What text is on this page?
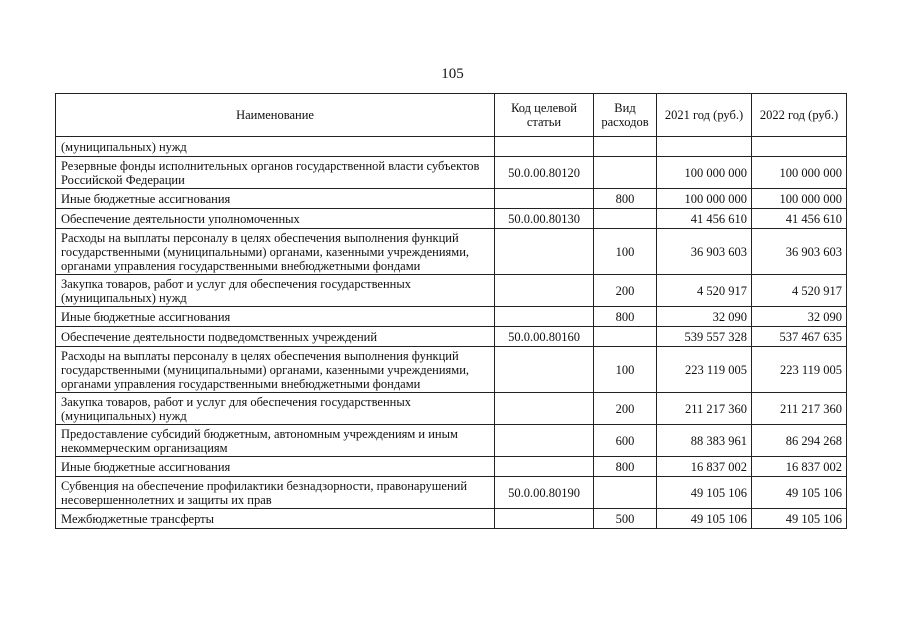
105
Наименование	Код целевой статьи	Вид расходов	2021 год (руб.)	2022 год (руб.)
(муниципальных) нужд				
Резервные фонды исполнительных органов государственной власти субъектов Российской Федерации	50.0.00.80120		100 000 000	100 000 000
Иные бюджетные ассигнования		800	100 000 000	100 000 000
Обеспечение деятельности уполномоченных	50.0.00.80130		41 456 610	41 456 610
Расходы на выплаты персоналу в целях обеспечения выполнения функций государственными (муниципальными) органами, казенными учреждениями, органами управления государственными внебюджетными фондами		100	36 903 603	36 903 603
Закупка товаров, работ и услуг для обеспечения государственных (муниципальных) нужд		200	4 520 917	4 520 917
Иные бюджетные ассигнования		800	32 090	32 090
Обеспечение деятельности подведомственных учреждений	50.0.00.80160		539 557 328	537 467 635
Расходы на выплаты персоналу в целях обеспечения выполнения функций государственными (муниципальными) органами, казенными учреждениями, органами управления государственными внебюджетными фондами		100	223 119 005	223 119 005
Закупка товаров, работ и услуг для обеспечения государственных (муниципальных) нужд		200	211 217 360	211 217 360
Предоставление субсидий бюджетным, автономным учреждениям и иным некоммерческим организациям		600	88 383 961	86 294 268
Иные бюджетные ассигнования		800	16 837 002	16 837 002
Субвенция на обеспечение профилактики безнадзорности, правонарушений несовершеннолетних и защиты их прав	50.0.00.80190		49 105 106	49 105 106
Межбюджетные трансферты		500	49 105 106	49 105 106
